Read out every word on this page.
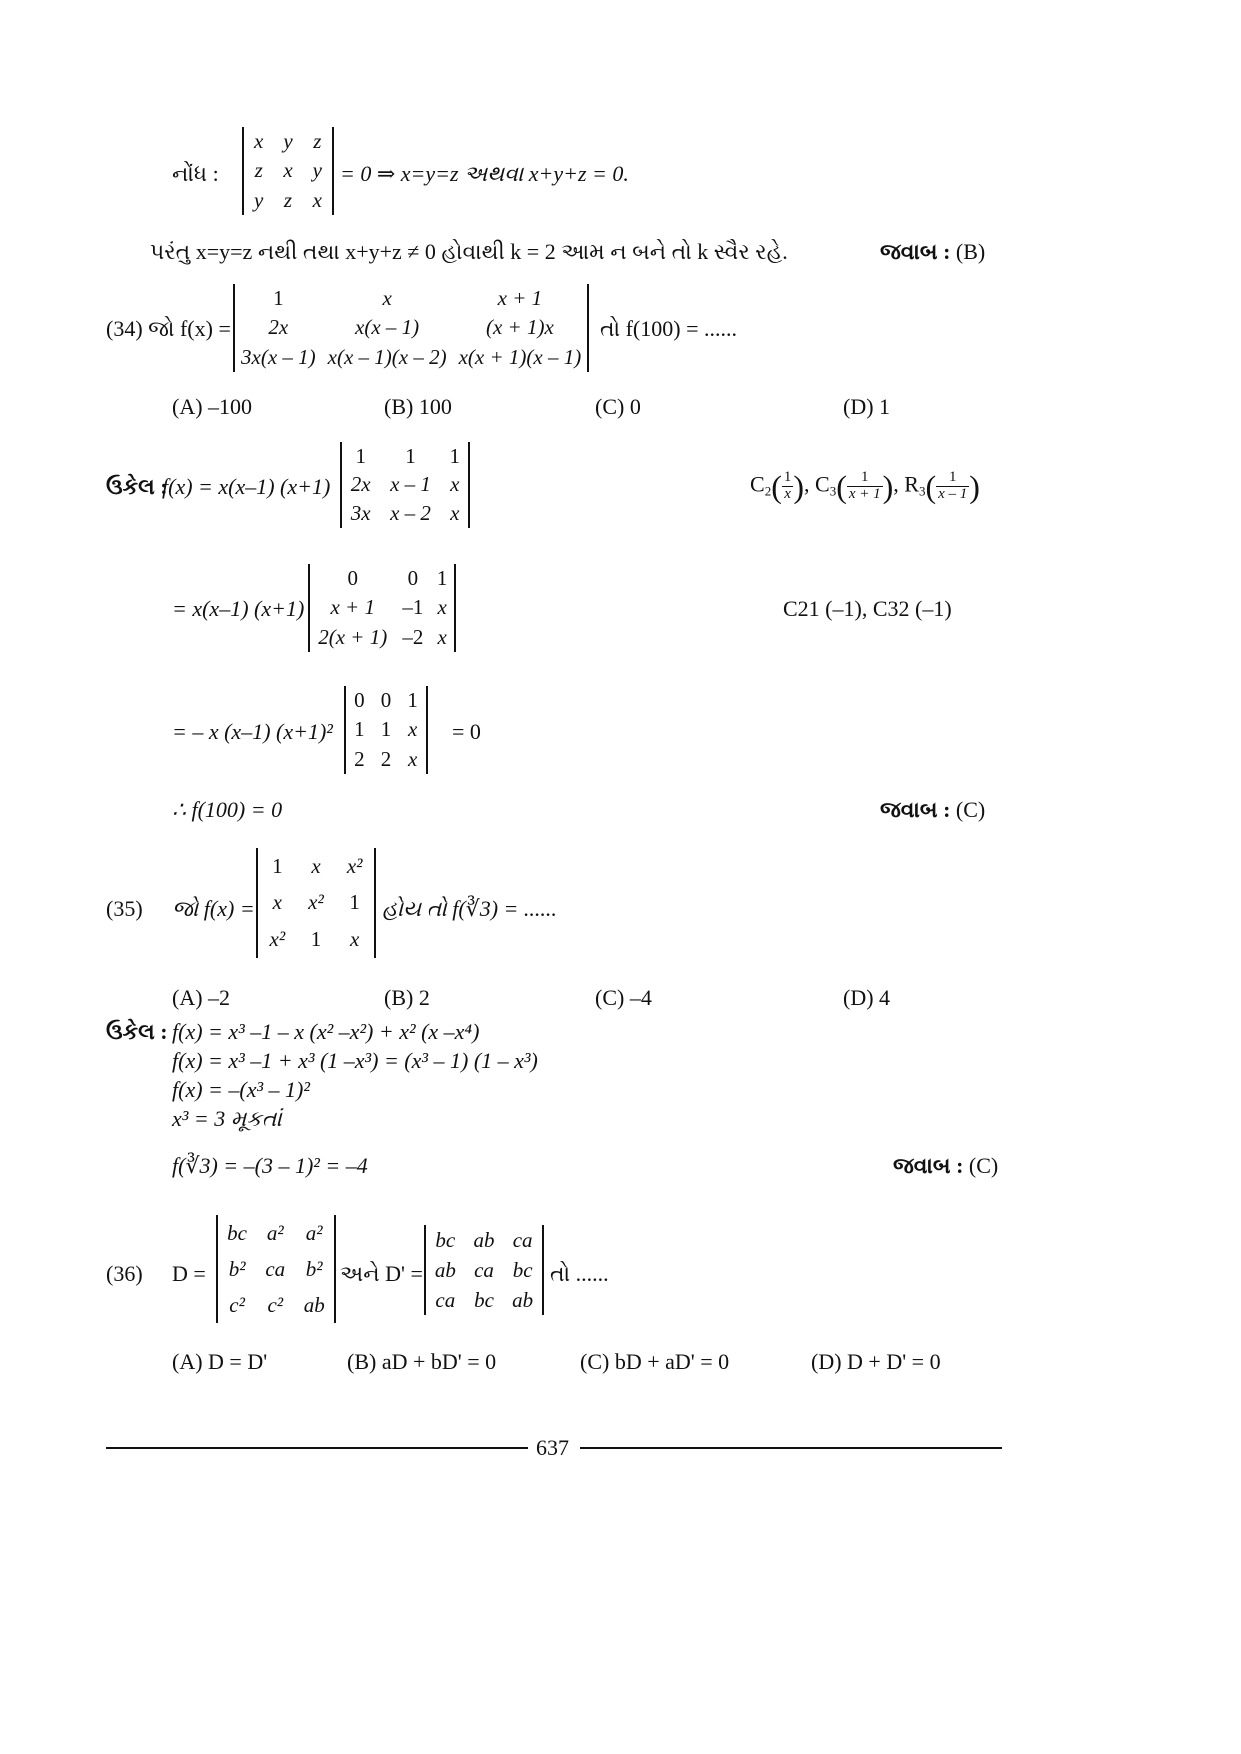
નોંધ :
x	y	z
z	x	y
y	z	x
= 0 ⇒ x=y=z અથવા x+y+z = 0.
પરંતુ x=y=z નથી તથા x+y+z ≠ 0 હોવાથી k = 2 આમ ન બને તો k સ્વૈર રહે.	જવાબ : (B)
(34) જો f(x) =
1	x	x + 1
2x	x(x – 1)	(x + 1)x
3x(x – 1)	x(x – 1)(x – 2)	x(x + 1)(x – 1)
તો f(100) = ......
(A) –100	(B) 100	(C) 0	(D) 1
ઉકેલ :
f(x) = x(x–1) (x+1)
1	1	1
2x	x – 1	x
3x	x – 2	x
$C_2( \frac{1}{x}$ ), $C_3( \frac{1}{x + 1}$ ), $R_3( \frac{1}{x - 1}$ )
= x(x–1) (x+1)
0	0	1
x + 1	–1	x
2(x + 1)	–2	x
C21 (–1), C32 (–1)
= – x (x–1) (x+1)²
0	0	1
1	1	x
2	2	x
= 0
∴ f(100) = 0	જવાબ : (C)
(35) જો f(x) =
1	x	x²
x	x²	1
x²	1	x
હોય તો f(∛3) = ......
(A) –2	(B) 2	(C) –4	(D) 4
ઉકેલ : f(x) = x³ –1 – x (x² –x²) + x² (x –x⁴)
f(x) = x³ –1 + x³ (1 –x³) = (x³ – 1) (1 – x³)
f(x) = –(x³ – 1)²
x³ = 3 મૂકતાં
f(∛3) = –(3 – 1)² = –4	જવાબ : (C)
(36) D =
bc	a²	a²
b²	ca	b²
c²	c²	ab
અને D' =
bc	ab	ca
ab	ca	bc
ca	bc	ab
તો ......
(A) D = D'	(B) aD + bD' = 0	(C) bD + aD' = 0	(D) D + D' = 0
637
